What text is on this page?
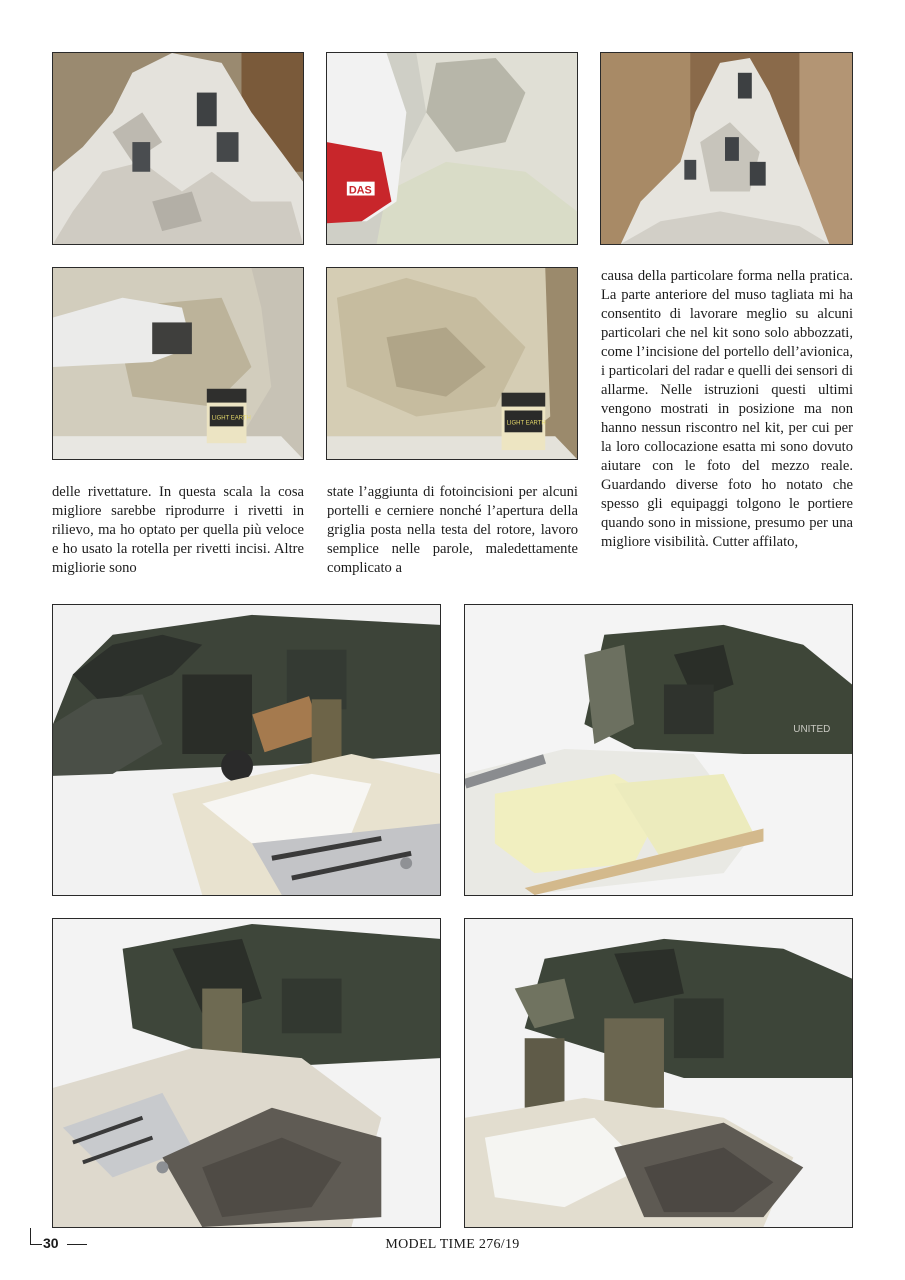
DAS
LIGHT EARTH
LIGHT EARTH
delle rivettature. In questa scala la cosa migliore sarebbe riprodurre i rivetti in rilievo, ma ho optato per quella più veloce e ho usato la rotella per rivetti incisi. Altre migliorie sono
state l’aggiunta di fotoincisioni per alcuni portelli e cerniere nonché l’apertura della griglia posta nella testa del rotore, lavoro semplice nelle parole, maledettamente complicato a
causa della particolare forma nella pratica. La parte anteriore del muso tagliata mi ha consentito di lavorare meglio su alcuni particolari che nel kit sono solo abbozzati, come l’incisione del portello dell’avionica, i particolari del radar e quelli dei sensori di allarme. Nelle istruzioni questi ultimi vengono mostrati in posizione ma non hanno nessun riscontro nel kit, per cui per la loro collocazione esatta mi sono dovuto aiutare con le foto del mezzo reale. Guardando diverse foto ho notato che spesso gli equipaggi tolgono le portiere quando sono in missione, presumo per una migliore visibilità. Cutter affilato,
UNITED
30	MODEL TIME 276/19
